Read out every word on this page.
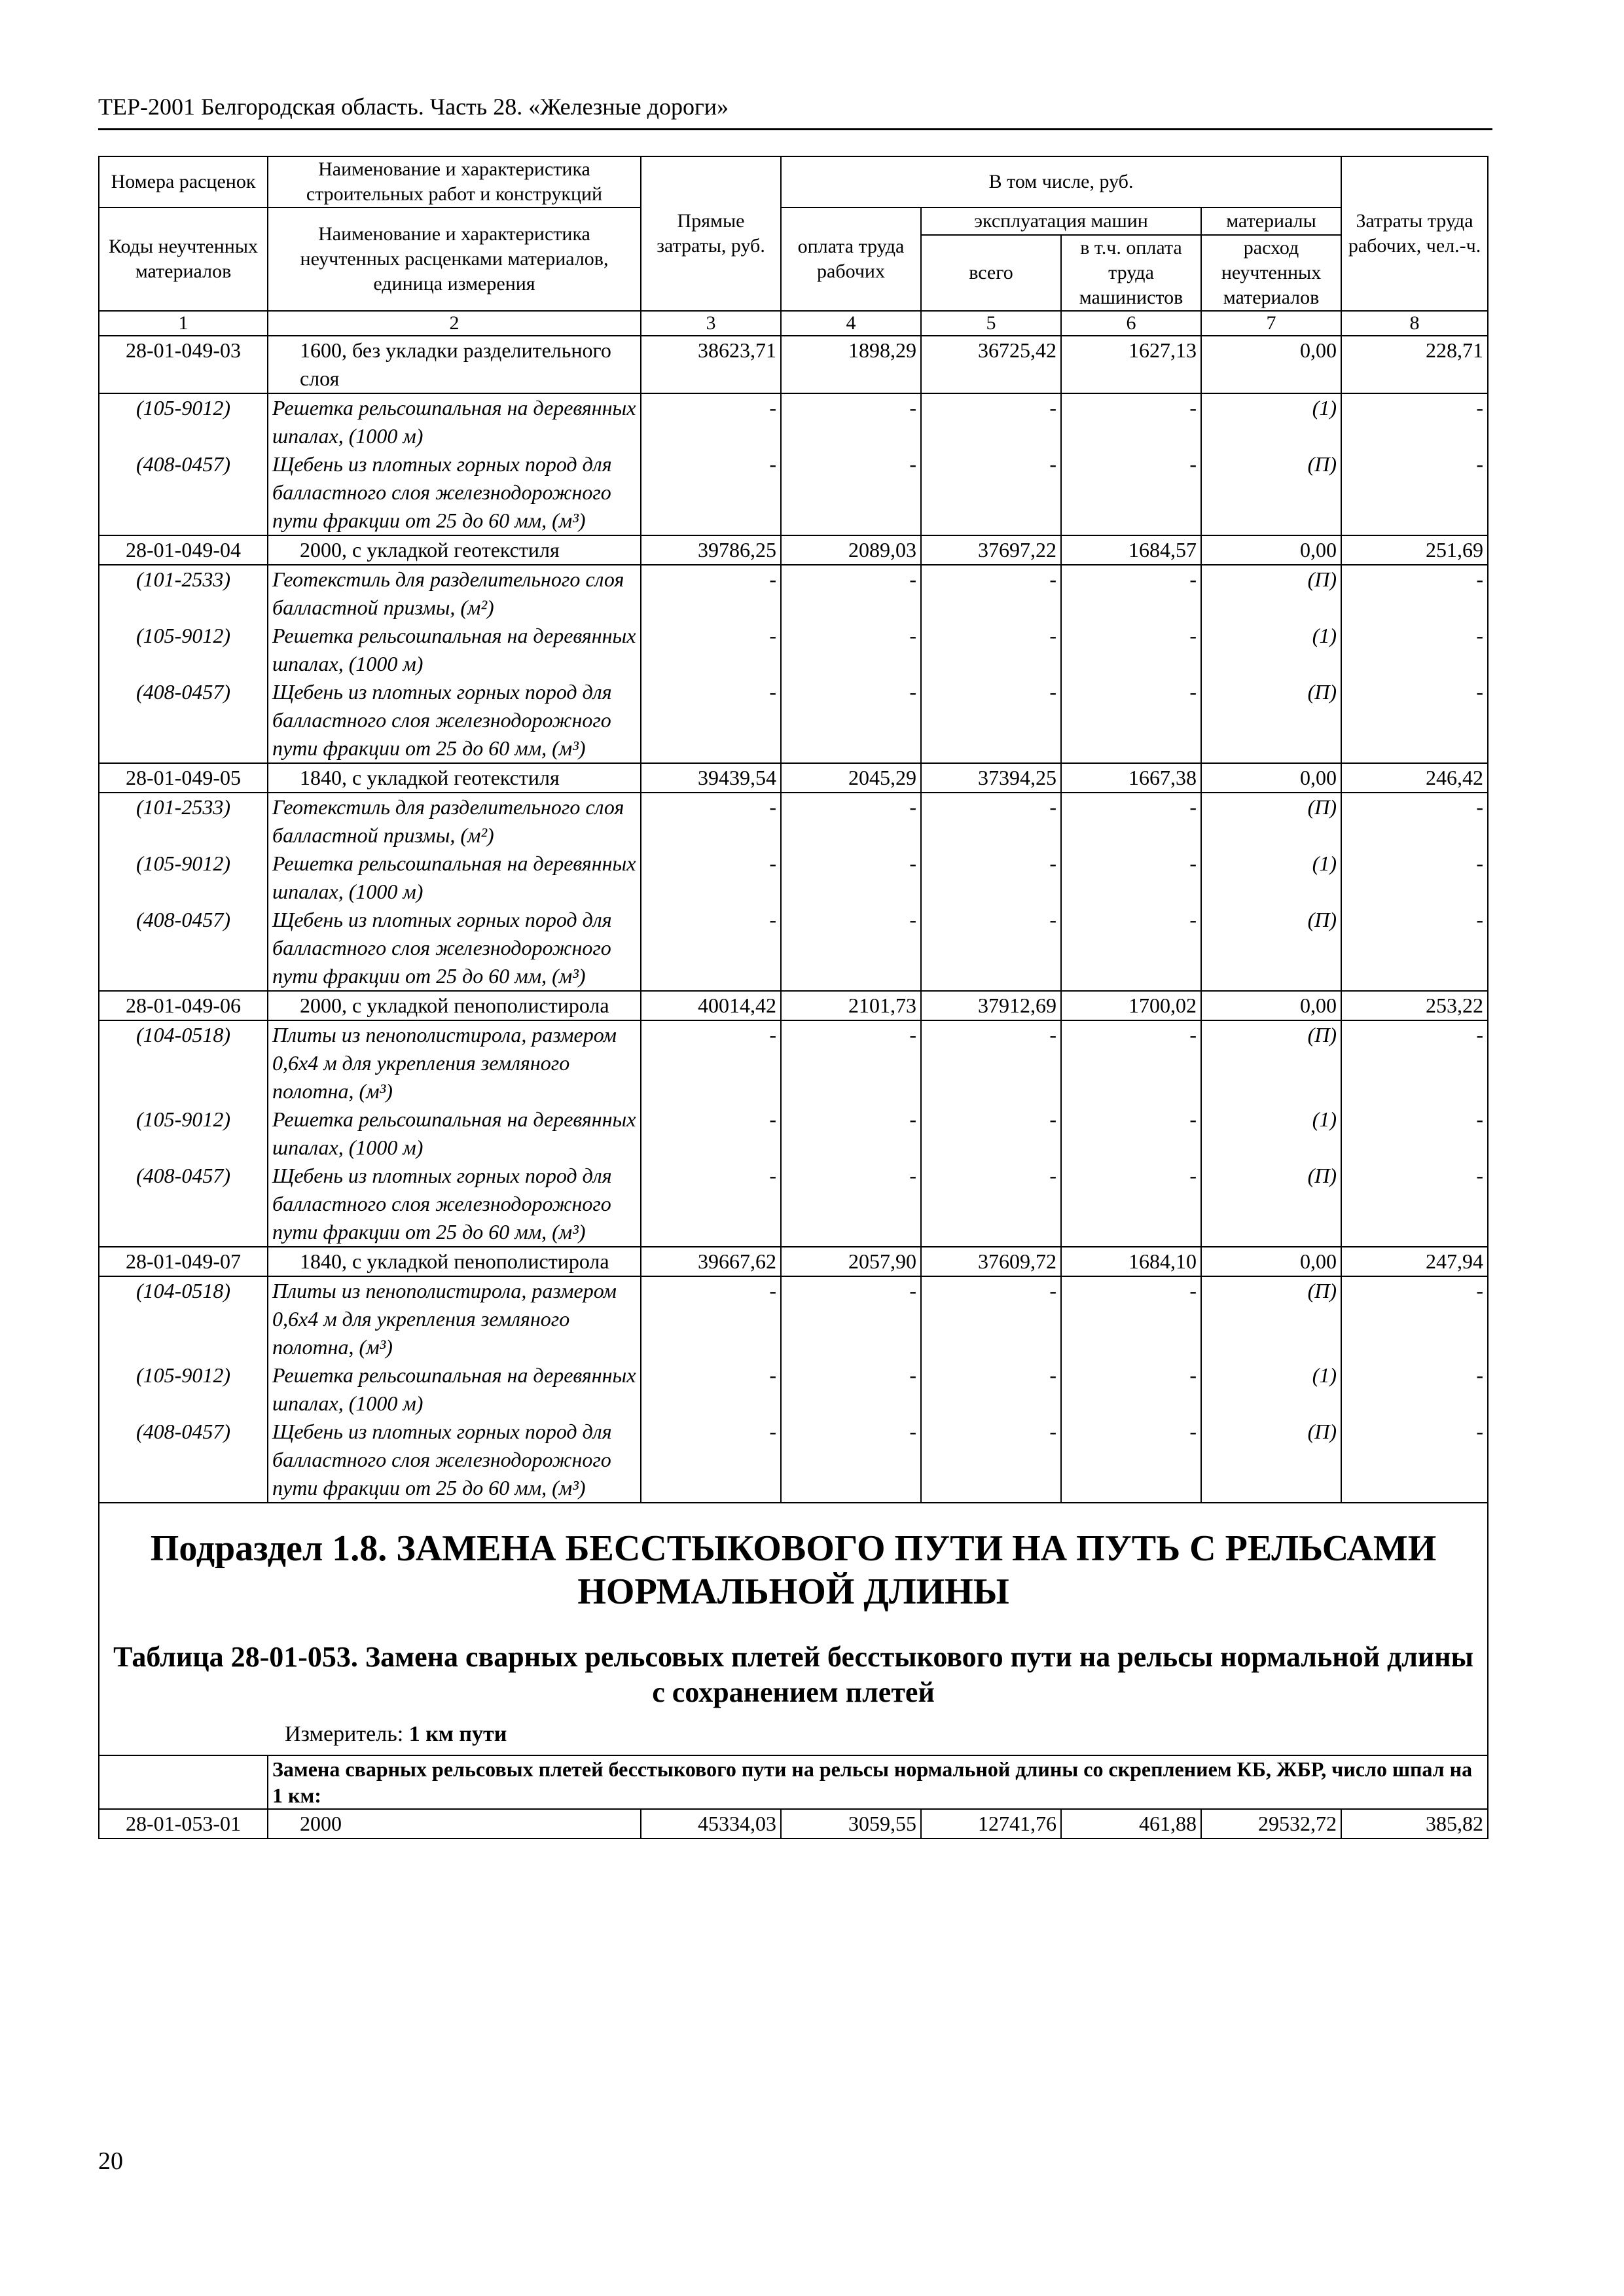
ТЕР-2001 Белгородская область. Часть 28. «Железные дороги»
Номера расценок	Наименование и характеристика строительных работ и конструкций	Прямые затраты, руб.	В том числе, руб.				Затраты труда рабочих, чел.-ч.
Коды неучтенных материалов	Наименование и характеристика неучтенных расценками материалов, единица измерения		оплата труда рабочих	эксплуатация машин		материалы	
				всего	в т.ч. оплата труда машинистов	расход неучтенных материалов	
1	2	3	4	5	6	7	8
28-01-049-03	1600, без укладки разделительного слоя	38623,71	1898,29	36725,42	1627,13	0,00	228,71
(105-9012)	Решетка рельсошпальная на деревянных шпалах, (1000 м)	-	-	-	-	(1)	-

(408-0457)	Щебень из плотных горных пород для балластного слоя железнодорожного пути фракции от 25 до 60 мм, (м³)	-	-	-	-	(П)	-

28-01-049-04	2000, с укладкой геотекстиля	39786,25	2089,03	37697,22	1684,57	0,00	251,69
(101-2533)	Геотекстиль для разделительного слоя балластной призмы, (м²)	-	-	-	-	(П)	-

(105-9012)	Решетка рельсошпальная на деревянных шпалах, (1000 м)	-	-	-	-	(1)	-

(408-0457)	Щебень из плотных горных пород для балластного слоя железнодорожного пути фракции от 25 до 60 мм, (м³)	-	-	-	-	(П)	-

28-01-049-05	1840, с укладкой геотекстиля	39439,54	2045,29	37394,25	1667,38	0,00	246,42
(101-2533)	Геотекстиль для разделительного слоя балластной призмы, (м²)	-	-	-	-	(П)	-

(105-9012)	Решетка рельсошпальная на деревянных шпалах, (1000 м)	-	-	-	-	(1)	-

(408-0457)	Щебень из плотных горных пород для балластного слоя железнодорожного пути фракции от 25 до 60 мм, (м³)	-	-	-	-	(П)	-

28-01-049-06	2000, с укладкой пенополистирола	40014,42	2101,73	37912,69	1700,02	0,00	253,22
(104-0518)	Плиты из пенополистирола, размером 0,6х4 м для укрепления земляного полотна, (м³)	-	-	-	-	(П)	-

(105-9012)	Решетка рельсошпальная на деревянных шпалах, (1000 м)	-	-	-	-	(1)	-

(408-0457)	Щебень из плотных горных пород для балластного слоя железнодорожного пути фракции от 25 до 60 мм, (м³)	-	-	-	-	(П)	-

28-01-049-07	1840, с укладкой пенополистирола	39667,62	2057,90	37609,72	1684,10	0,00	247,94
(104-0518)	Плиты из пенополистирола, размером 0,6х4 м для укрепления земляного полотна, (м³)	-	-	-	-	(П)	-

(105-9012)	Решетка рельсошпальная на деревянных шпалах, (1000 м)	-	-	-	-	(1)	-

(408-0457)	Щебень из плотных горных пород для балластного слоя железнодорожного пути фракции от 25 до 60 мм, (м³)	-	-	-	-	(П)	-

Подраздел 1.8. ЗАМЕНА БЕССТЫКОВОГО ПУТИ НА ПУТЬ С РЕЛЬСАМИ НОРМАЛЬНОЙ ДЛИНЫ
Таблица 28-01-053. Замена сварных рельсовых плетей бесстыкового пути на рельсы нормальной длины с сохранением плетей
Измеритель: 1 км пути							

	Замена сварных рельсовых плетей бесстыкового пути на рельсы нормальной длины со скреплением КБ, ЖБР, число шпал на 1 км:						
28-01-053-01	2000	45334,03	3059,55	12741,76	461,88	29532,72	385,82
20
